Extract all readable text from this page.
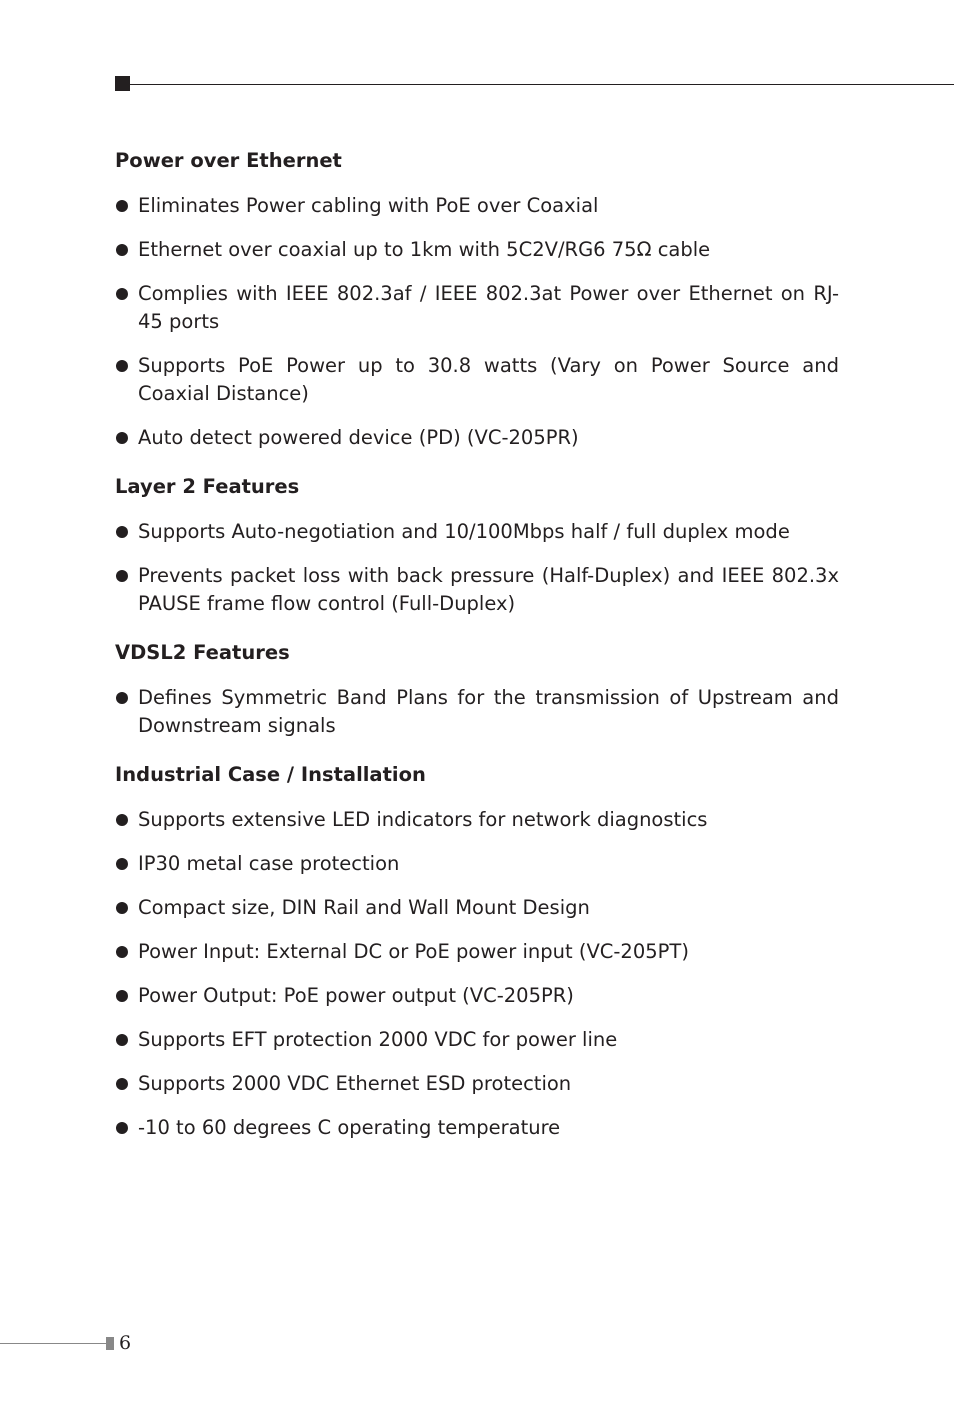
Power over Ethernet
Eliminates Power cabling with PoE over Coaxial
Ethernet over coaxial up to 1km with 5C2V/RG6 75Ω cable
Complies with IEEE 802.3af / IEEE 802.3at Power over Ethernet on RJ-45 ports
Supports PoE Power up to 30.8 watts (Vary on Power Source and Coaxial Distance)
Auto detect powered device (PD) (VC-205PR)
Layer 2 Features
Supports Auto-negotiation and 10/100Mbps half / full duplex mode
Prevents packet loss with back pressure (Half-Duplex) and IEEE 802.3x PAUSE frame flow control (Full-Duplex)
VDSL2 Features
Defines Symmetric Band Plans for the transmission of Upstream and Downstream signals
Industrial Case / Installation
Supports extensive LED indicators for network diagnostics
IP30 metal case protection
Compact size, DIN Rail and Wall Mount Design
Power Input: External DC or PoE power input (VC-205PT)
Power Output: PoE power output (VC-205PR)
Supports EFT protection 2000 VDC for power line
Supports 2000 VDC Ethernet ESD protection
-10 to 60 degrees C operating temperature
6
